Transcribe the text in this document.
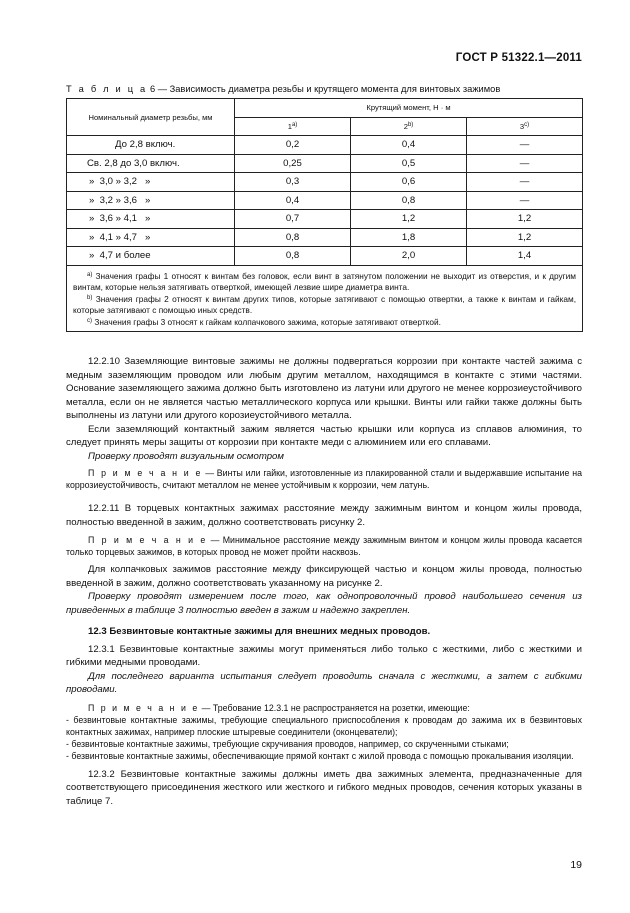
ГОСТ Р 51322.1—2011
Т а б л и ц а 6 — Зависимость диаметра резьбы и крутящего момента для винтовых зажимов
Номинальный диаметр резьбы, мм	Крутящий момент, Н · м		
	1$^{a)}$	2$^{b)}$	3$^{c)}$
До 2,8 включ.	0,2	0,4	—
Св. 2,8 до 3,0 включ.	0,25	0,5	—
»  3,0 » 3,2   »	0,3	0,6	—
»  3,2 » 3,6   »	0,4	0,8	—
»  3,6 » 4,1   »	0,7	1,2	1,2
»  4,1 » 4,7   »	0,8	1,8	1,2
»  4,7 и более	0,8	2,0	1,4

$^{a)}$ Значения графы 1 относят к винтам без головок, если винт в затянутом положении не выходит из отверстия, и к другим винтам, которые нельзя затягивать отверткой, имеющей лезвие шире диаметра винта.

$^{b)}$ Значения графы 2 относят к винтам других типов, которые затягивают с помощью отвертки, а также к винтам и гайкам, которые затягивают с помощью иных средств.

$^{c)}$ Значения графы 3 относят к гайкам колпачкового зажима, которые затягивают отверткой.			

12.2.10 Заземляющие винтовые зажимы не должны подвергаться коррозии при контакте частей зажима с медным заземляющим проводом или любым другим металлом, находящимся в контакте с этими частями. Основание заземляющего зажима должно быть изготовлено из латуни или другого не менее коррозиеустойчивого металла, если он не является частью металлического корпуса или крышки. Винты или гайки также должны быть выполнены из латуни или другого корозиеустойчивого металла.

Если заземляющий контактный зажим является частью крышки или корпуса из сплавов алюминия, то следует принять меры защиты от коррозии при контакте меди с алюминием или его сплавами.

Проверку проводят визуальным осмотром

П р и м е ч а н и е — Винты или гайки, изготовленные из плакированной стали и выдержавшие испытание на коррозиеустойчивость, считают металлом не менее устойчивым к коррозии, чем латунь.

12.2.11 В торцевых контактных зажимах расстояние между зажимным винтом и концом жилы провода, полностью введенной в зажим, должно соответствовать рисунку 2.

П р и м е ч а н и е — Минимальное расстояние между зажимным винтом и концом жилы провода касается только торцевых зажимов, в которых провод не может пройти насквозь.

Для колпачковых зажимов расстояние между фиксирующей частью и концом жилы провода, полностью введенной в зажим, должно соответствовать указанному на рисунке 2.

Проверку проводят измерением после того, как однопроволочный провод наибольшего сечения из приведенных в таблице 3 полностью введен в зажим и надежно закреплен.

12.3 Безвинтовые контактные зажимы для внешних медных проводов.

12.3.1 Безвинтовые контактные зажимы могут применяться либо только с жесткими, либо с жесткими и гибкими медными проводами.

Для последнего варианта испытания следует проводить сначала с жесткими, а затем с гибкими проводами.

П р и м е ч а н и е — Требование 12.3.1 не распространяется на розетки, имеющие:

- безвинтовые контактные зажимы, требующие специального приспособления к проводам до зажима их в безвинтовых контактных зажимах, например плоские штыревые соединители (оконцеватели);
- безвинтовые контактные зажимы, требующие скручивания проводов, например, со скрученными стыками;
- безвинтовые контактные зажимы, обеспечивающие прямой контакт с жилой провода с помощью прокалывания изоляции.

12.3.2 Безвинтовые контактные зажимы должны иметь два зажимных элемента, предназначенные для соответствующего присоединения жесткого или жесткого и гибкого медных проводов, сечения которых указаны в таблице 7.

19
